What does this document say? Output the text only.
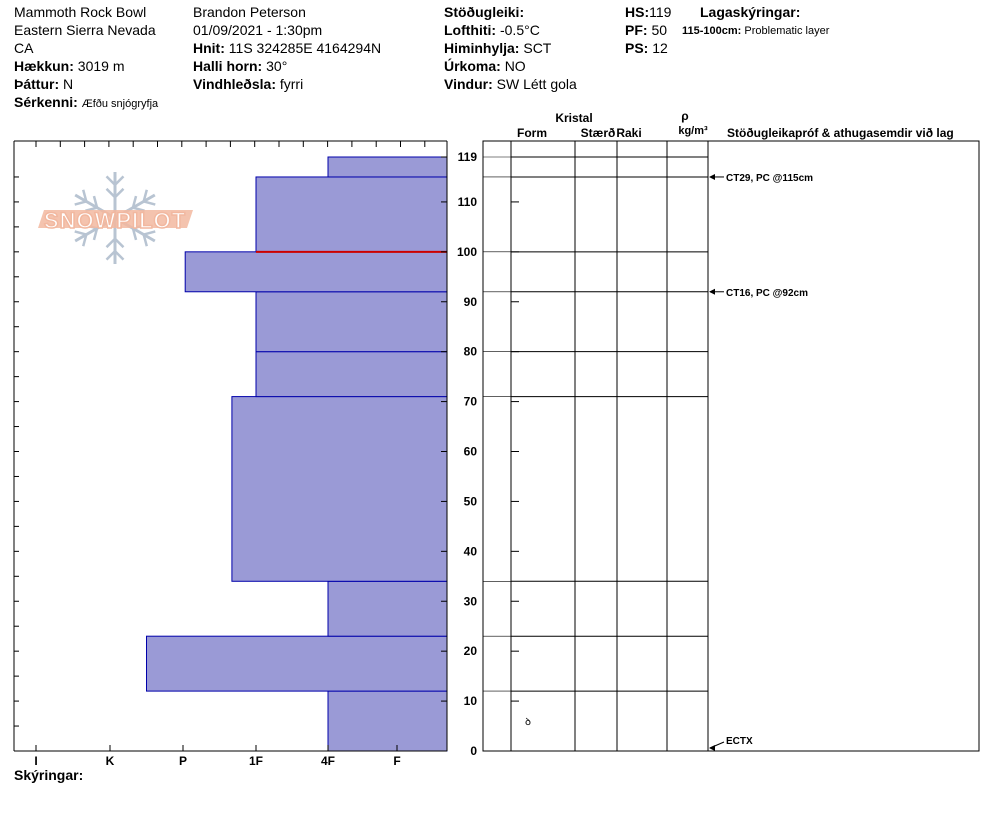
Mammoth Rock Bowl
Eastern Sierra Nevada
CA
Hækkun: 3019 m
Þáttur: N
Sérkenni: Æfðu snjógryfja
Brandon Peterson
01/09/2021 - 1:30pm
Hnit: 11S 324285E 4164294N
Halli horn: 30°
Vindhleðsla: fyrri
Stöðugleiki:
Lofthiti: -0.5°C
Himinhylja: SCT
Úrkoma: NO
Vindur: SW Létt gola
HS:119
PF: 50
PS: 12
Lagaskýringar:
115-100cm: Problematic layer
Skýringar:
SNOWPILOT
0
10
20
30
40
50
60
70
80
90
100
110
119
I	K	P	1F	4F	F
Kristal
Form	Stærð Raki
ρ
kg/m³ Stöðugleikapróf & athugasemdir við lag
ꝺ
CT29, PC @115cm
CT16, PC @92cm
ECTX
